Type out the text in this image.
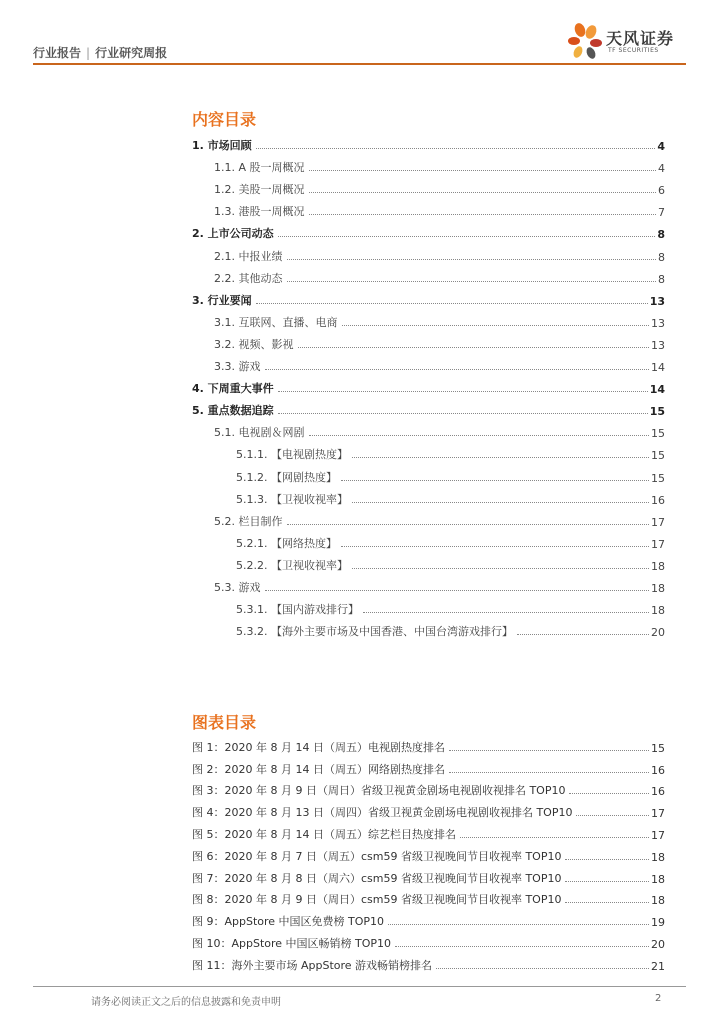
行业报告 | 行业研究周报
天风证券
TF SECURITIES
内容目录
1. 市场回顾	4
1.1. A 股一周概况	4
1.2. 美股一周概况	6
1.3. 港股一周概况	7
2. 上市公司动态	8
2.1. 中报业绩	8
2.2. 其他动态	8
3. 行业要闻	13
3.1. 互联网、直播、电商	13
3.2. 视频、影视	13
3.3. 游戏	14
4. 下周重大事件	14
5. 重点数据追踪	15
5.1. 电视剧＆网剧	15
5.1.1. 【电视剧热度】	15
5.1.2. 【网剧热度】	15
5.1.3. 【卫视收视率】	16
5.2. 栏目制作	17
5.2.1. 【网络热度】	17
5.2.2. 【卫视收视率】	18
5.3. 游戏	18
5.3.1. 【国内游戏排行】	18
5.3.2. 【海外主要市场及中国香港、中国台湾游戏排行】	20
图表目录
图 1：2020 年 8 月 14 日（周五）电视剧热度排名	15
图 2：2020 年 8 月 14 日（周五）网络剧热度排名	16
图 3：2020 年 8 月 9 日（周日）省级卫视黄金剧场电视剧收视排名 TOP10	16
图 4：2020 年 8 月 13 日（周四）省级卫视黄金剧场电视剧收视排名 TOP10	17
图 5：2020 年 8 月 14 日（周五）综艺栏目热度排名	17
图 6：2020 年 8 月 7 日（周五）csm59 省级卫视晚间节目收视率 TOP10	18
图 7：2020 年 8 月 8 日（周六）csm59 省级卫视晚间节目收视率 TOP10	18
图 8：2020 年 8 月 9 日（周日）csm59 省级卫视晚间节目收视率 TOP10	18
图 9：AppStore 中国区免费榜 TOP10	19
图 10：AppStore 中国区畅销榜 TOP10	20
图 11：海外主要市场 AppStore 游戏畅销榜排名	21
请务必阅读正文之后的信息披露和免责申明	2
